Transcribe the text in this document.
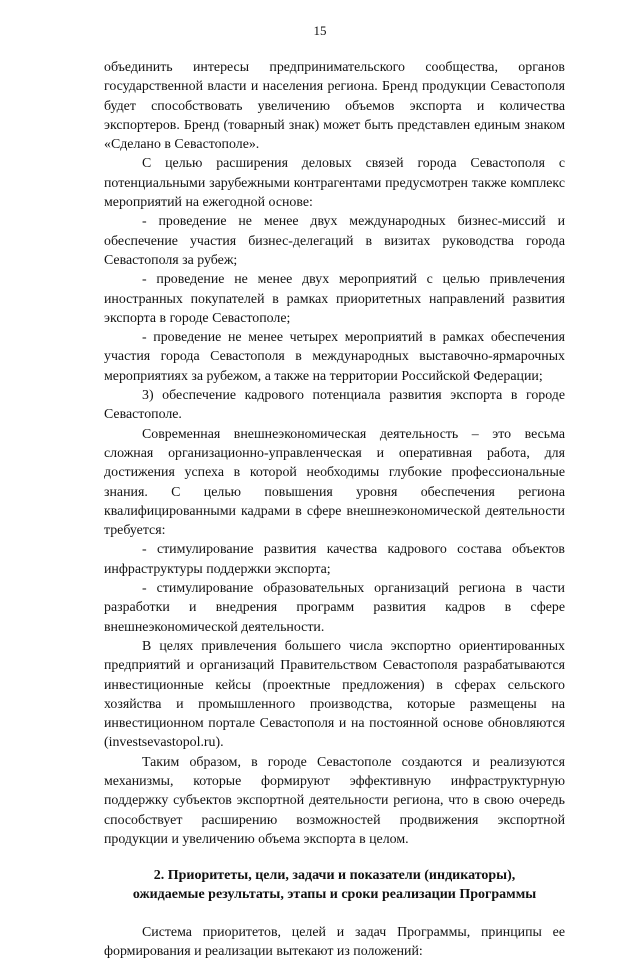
15

объединить интересы предпринимательского сообщества, органов государственной власти и населения региона. Бренд продукции Севастополя будет способствовать увеличению объемов экспорта и количества экспортеров. Бренд (товарный знак) может быть представлен единым знаком «Сделано в Севастополе».

С целью расширения деловых связей города Севастополя с потенциальными зарубежными контрагентами предусмотрен также комплекс мероприятий на ежегодной основе:

- проведение не менее двух международных бизнес-миссий и обеспечение участия бизнес-делегаций в визитах руководства города Севастополя за рубеж;

- проведение не менее двух мероприятий с целью привлечения иностранных покупателей в рамках приоритетных направлений развития экспорта в городе Севастополе;

- проведение не менее четырех мероприятий в рамках обеспечения участия города Севастополя в международных выставочно-ярмарочных мероприятиях за рубежом, а также на территории Российской Федерации;

3) обеспечение кадрового потенциала развития экспорта в городе Севастополе.

Современная внешнеэкономическая деятельность – это весьма сложная организационно-управленческая и оперативная работа, для достижения успеха в которой необходимы глубокие профессиональные знания. С целью повышения уровня обеспечения региона квалифицированными кадрами в сфере внешнеэкономической деятельности требуется:

- стимулирование развития качества кадрового состава объектов инфраструктуры поддержки экспорта;

- стимулирование образовательных организаций региона в части разработки и внедрения программ развития кадров в сфере внешнеэкономической деятельности.

В целях привлечения большего числа экспортно ориентированных предприятий и организаций Правительством Севастополя разрабатываются инвестиционные кейсы (проектные предложения) в сферах сельского хозяйства и промышленного производства, которые размещены на инвестиционном портале Севастополя и на постоянной основе обновляются (investsevastopol.ru).

Таким образом, в городе Севастополе создаются и реализуются механизмы, которые формируют эффективную инфраструктурную поддержку субъектов экспортной деятельности региона, что в свою очередь способствует расширению возможностей продвижения экспортной продукции и увеличению объема экспорта в целом.

2. Приоритеты, цели, задачи и показатели (индикаторы),
ожидаемые результаты, этапы и сроки реализации Программы

Система приоритетов, целей и задач Программы, принципы ее формирования и реализации вытекают из положений:
